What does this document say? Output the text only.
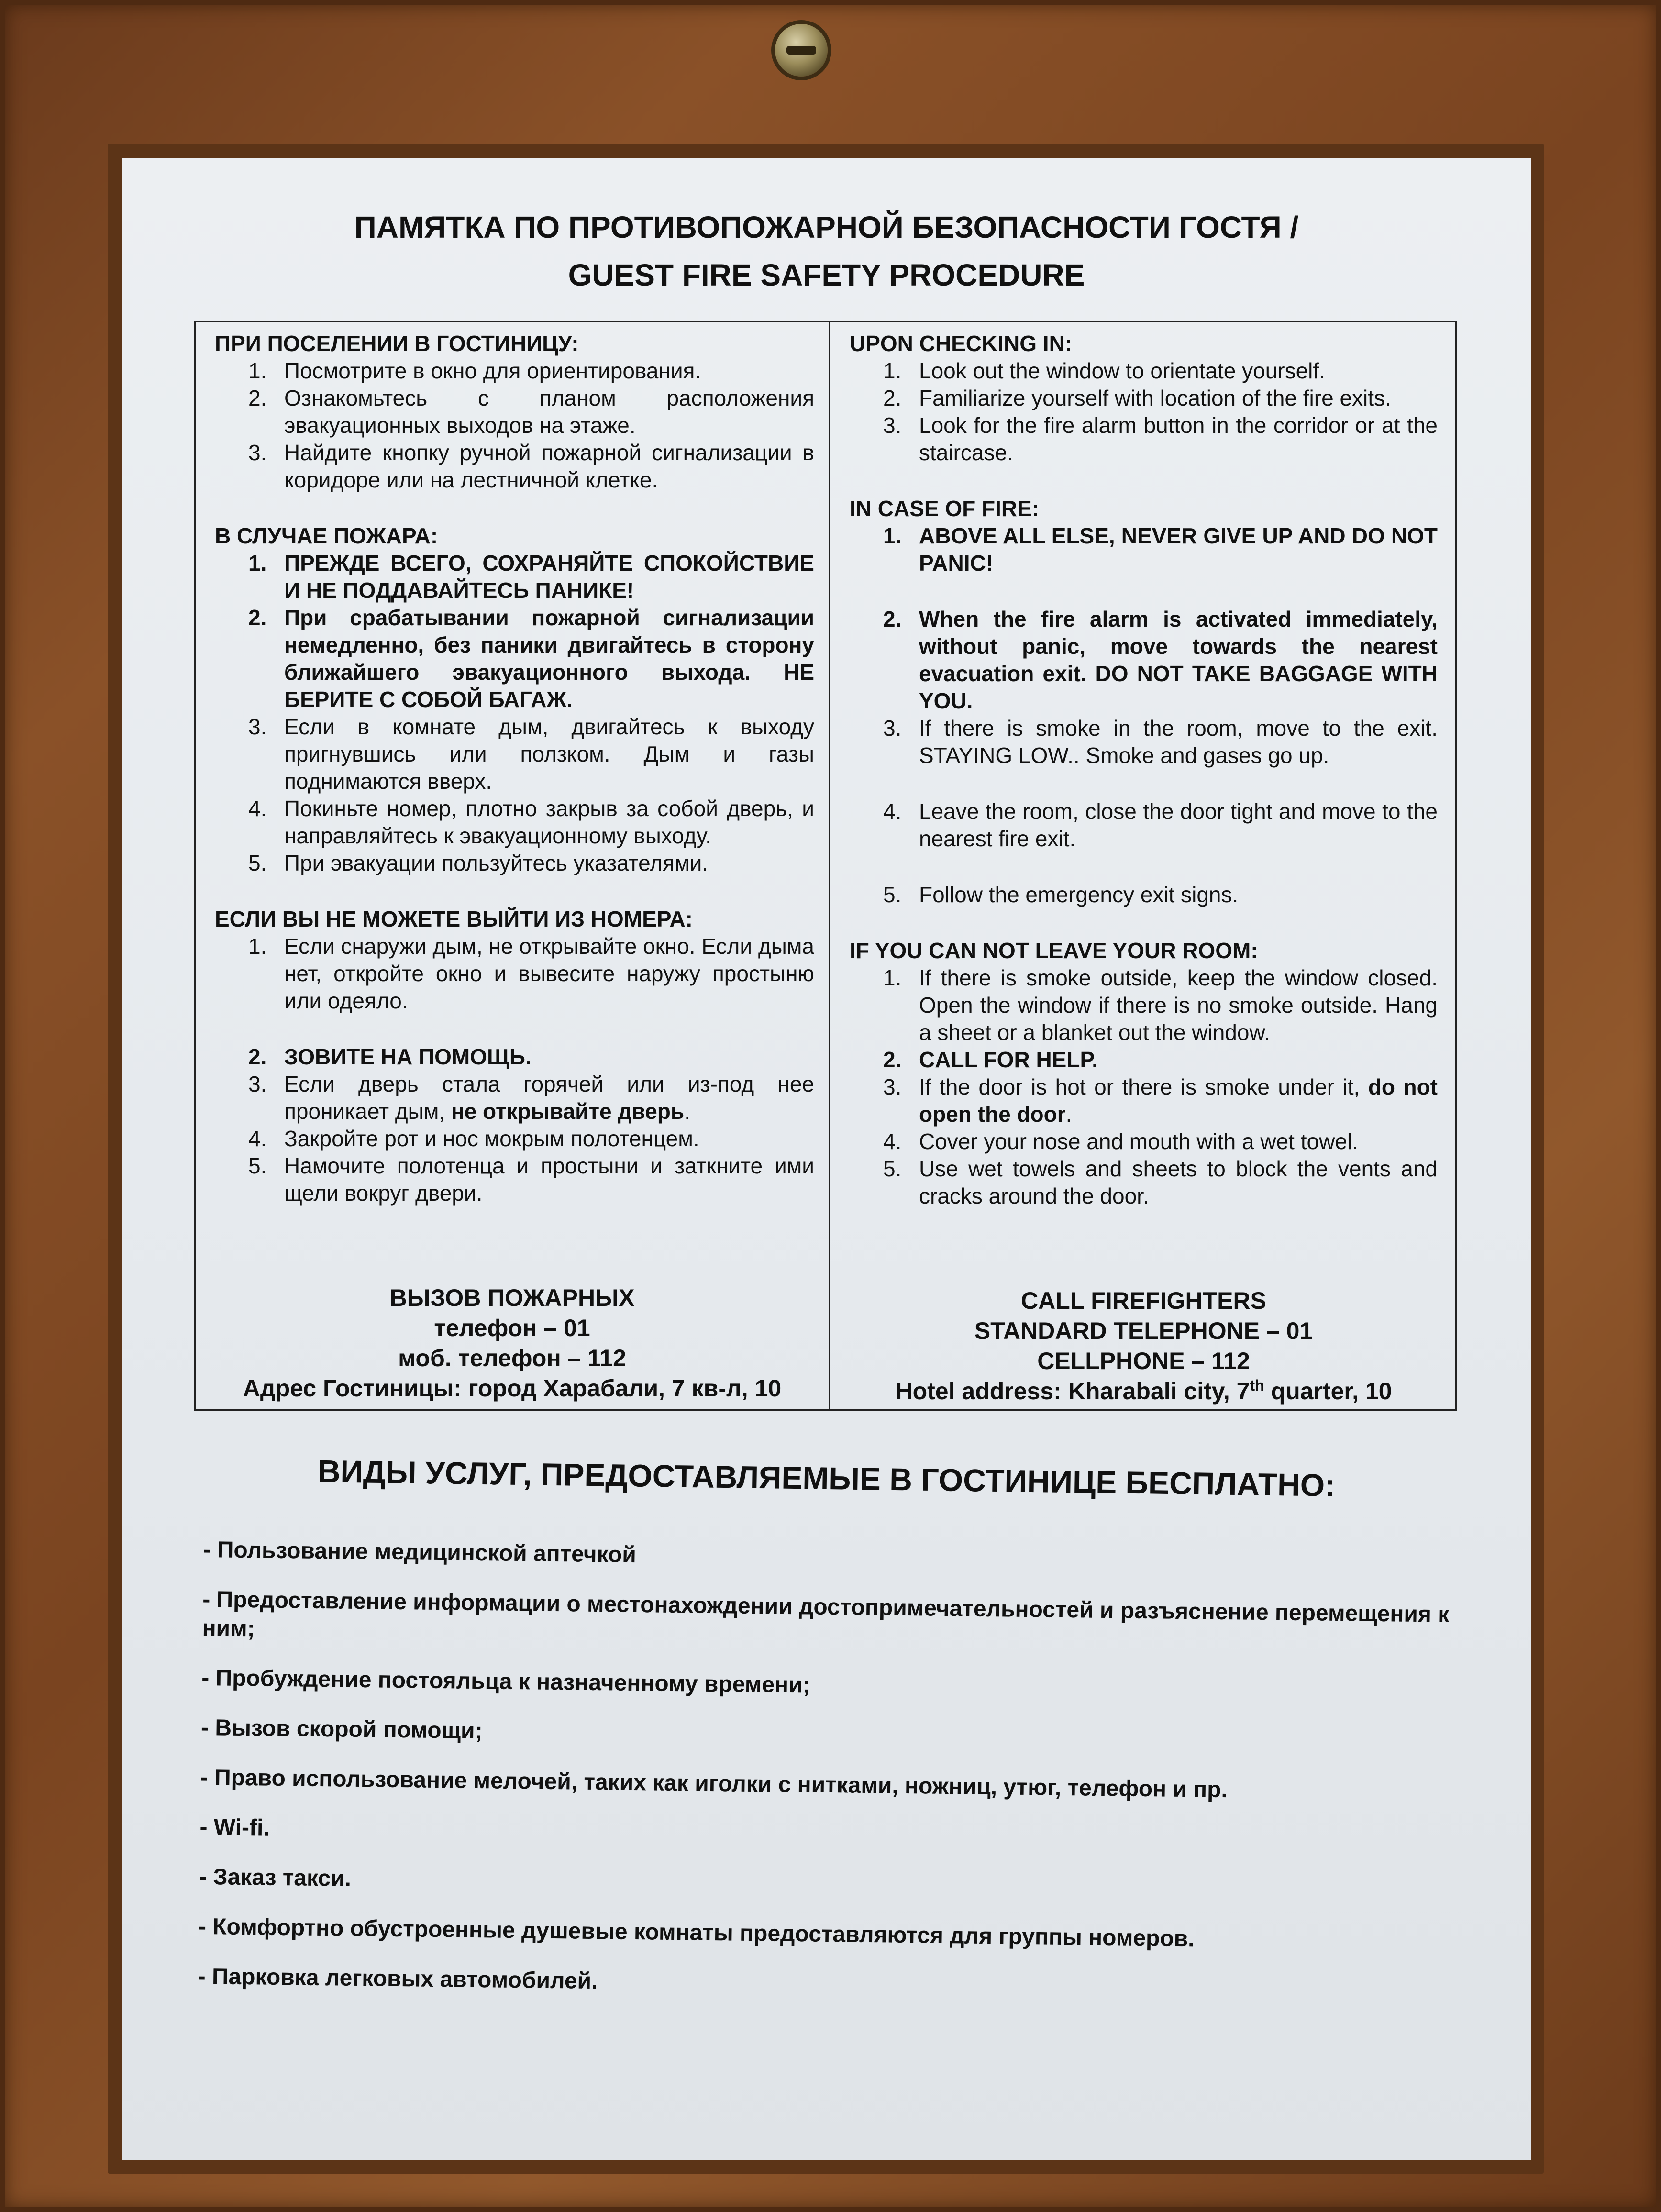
ПАМЯТКА ПО ПРОТИВОПОЖАРНОЙ БЕЗОПАСНОСТИ ГОСТЯ /
GUEST FIRE SAFETY PROCEDURE
ПРИ ПОСЕЛЕНИИ В ГОСТИНИЦУ:
1. Посмотрите в окно для ориентирования.
2. Ознакомьтесь с планом расположения эвакуационных выходов на этаже.
3. Найдите кнопку ручной пожарной сигнализации в коридоре или на лестничной клетке.
В СЛУЧАЕ ПОЖАРА:
1. ПРЕЖДЕ ВСЕГО, СОХРАНЯЙТЕ СПОКОЙСТВИЕ И НЕ ПОДДАВАЙТЕСЬ ПАНИКЕ!
2. При срабатывании пожарной сигнализации немедленно, без паники двигайтесь в сторону ближайшего эвакуационного выхода. НЕ БЕРИТЕ С СОБОЙ БАГАЖ.
3. Если в комнате дым, двигайтесь к выходу пригнувшись или ползком. Дым и газы поднимаются вверх.
4. Покиньте номер, плотно закрыв за собой дверь, и направляйтесь к эвакуационному выходу.
5. При эвакуации пользуйтесь указателями.
ЕСЛИ ВЫ НЕ МОЖЕТЕ ВЫЙТИ ИЗ НОМЕРА:
1. Если снаружи дым, не открывайте окно. Если дыма нет, откройте окно и вывесите наружу простыню или одеяло.
2. ЗОВИТЕ НА ПОМОЩЬ.
3. Если дверь стала горячей или из-под нее проникает дым, не открывайте дверь.
4. Закройте рот и нос мокрым полотенцем.
5. Намочите полотенца и простыни и заткните ими щели вокруг двери.
ВЫЗОВ ПОЖАРНЫХ
телефон – 01
моб. телефон – 112
Адрес Гостиницы: город Харабали, 7 кв-л, 10
UPON CHECKING IN:
1. Look out the window to orientate yourself.
2. Familiarize yourself with location of the fire exits.
3. Look for the fire alarm button in the corridor or at the staircase.
IN CASE OF FIRE:
1. ABOVE ALL ELSE, NEVER GIVE UP AND DO NOT PANIC!
2. When the fire alarm is activated immediately, without panic, move towards the nearest evacuation exit. DO NOT TAKE BAGGAGE WITH YOU.
3. If there is smoke in the room, move to the exit. STAYING LOW.. Smoke and gases go up.
4. Leave the room, close the door tight and move to the nearest fire exit.
5. Follow the emergency exit signs.
IF YOU CAN NOT LEAVE YOUR ROOM:
1. If there is smoke outside, keep the window closed. Open the window if there is no smoke outside. Hang a sheet or a blanket out the window.
2. CALL FOR HELP.
3. If the door is hot or there is smoke under it, do not open the door.
4. Cover your nose and mouth with a wet towel.
5. Use wet towels and sheets to block the vents and cracks around the door.
CALL FIREFIGHTERS
STANDARD TELEPHONE – 01
CELLPHONE – 112
Hotel address: Kharabali city, 7th quarter, 10
ВИДЫ УСЛУГ, ПРЕДОСТАВЛЯЕМЫЕ В ГОСТИНИЦЕ БЕСПЛАТНО:
- Пользование медицинской аптечкой
- Предоставление информации о местонахождении достопримечательностей и разъяснение перемещения к ним;
- Пробуждение постояльца к назначенному времени;
- Вызов скорой помощи;
- Право использование мелочей, таких как иголки с нитками, ножниц, утюг, телефон и пр.
- Wi-fi.
- Заказ такси.
- Комфортно обустроенные душевые комнаты предоставляются для группы номеров.
- Парковка легковых автомобилей.
